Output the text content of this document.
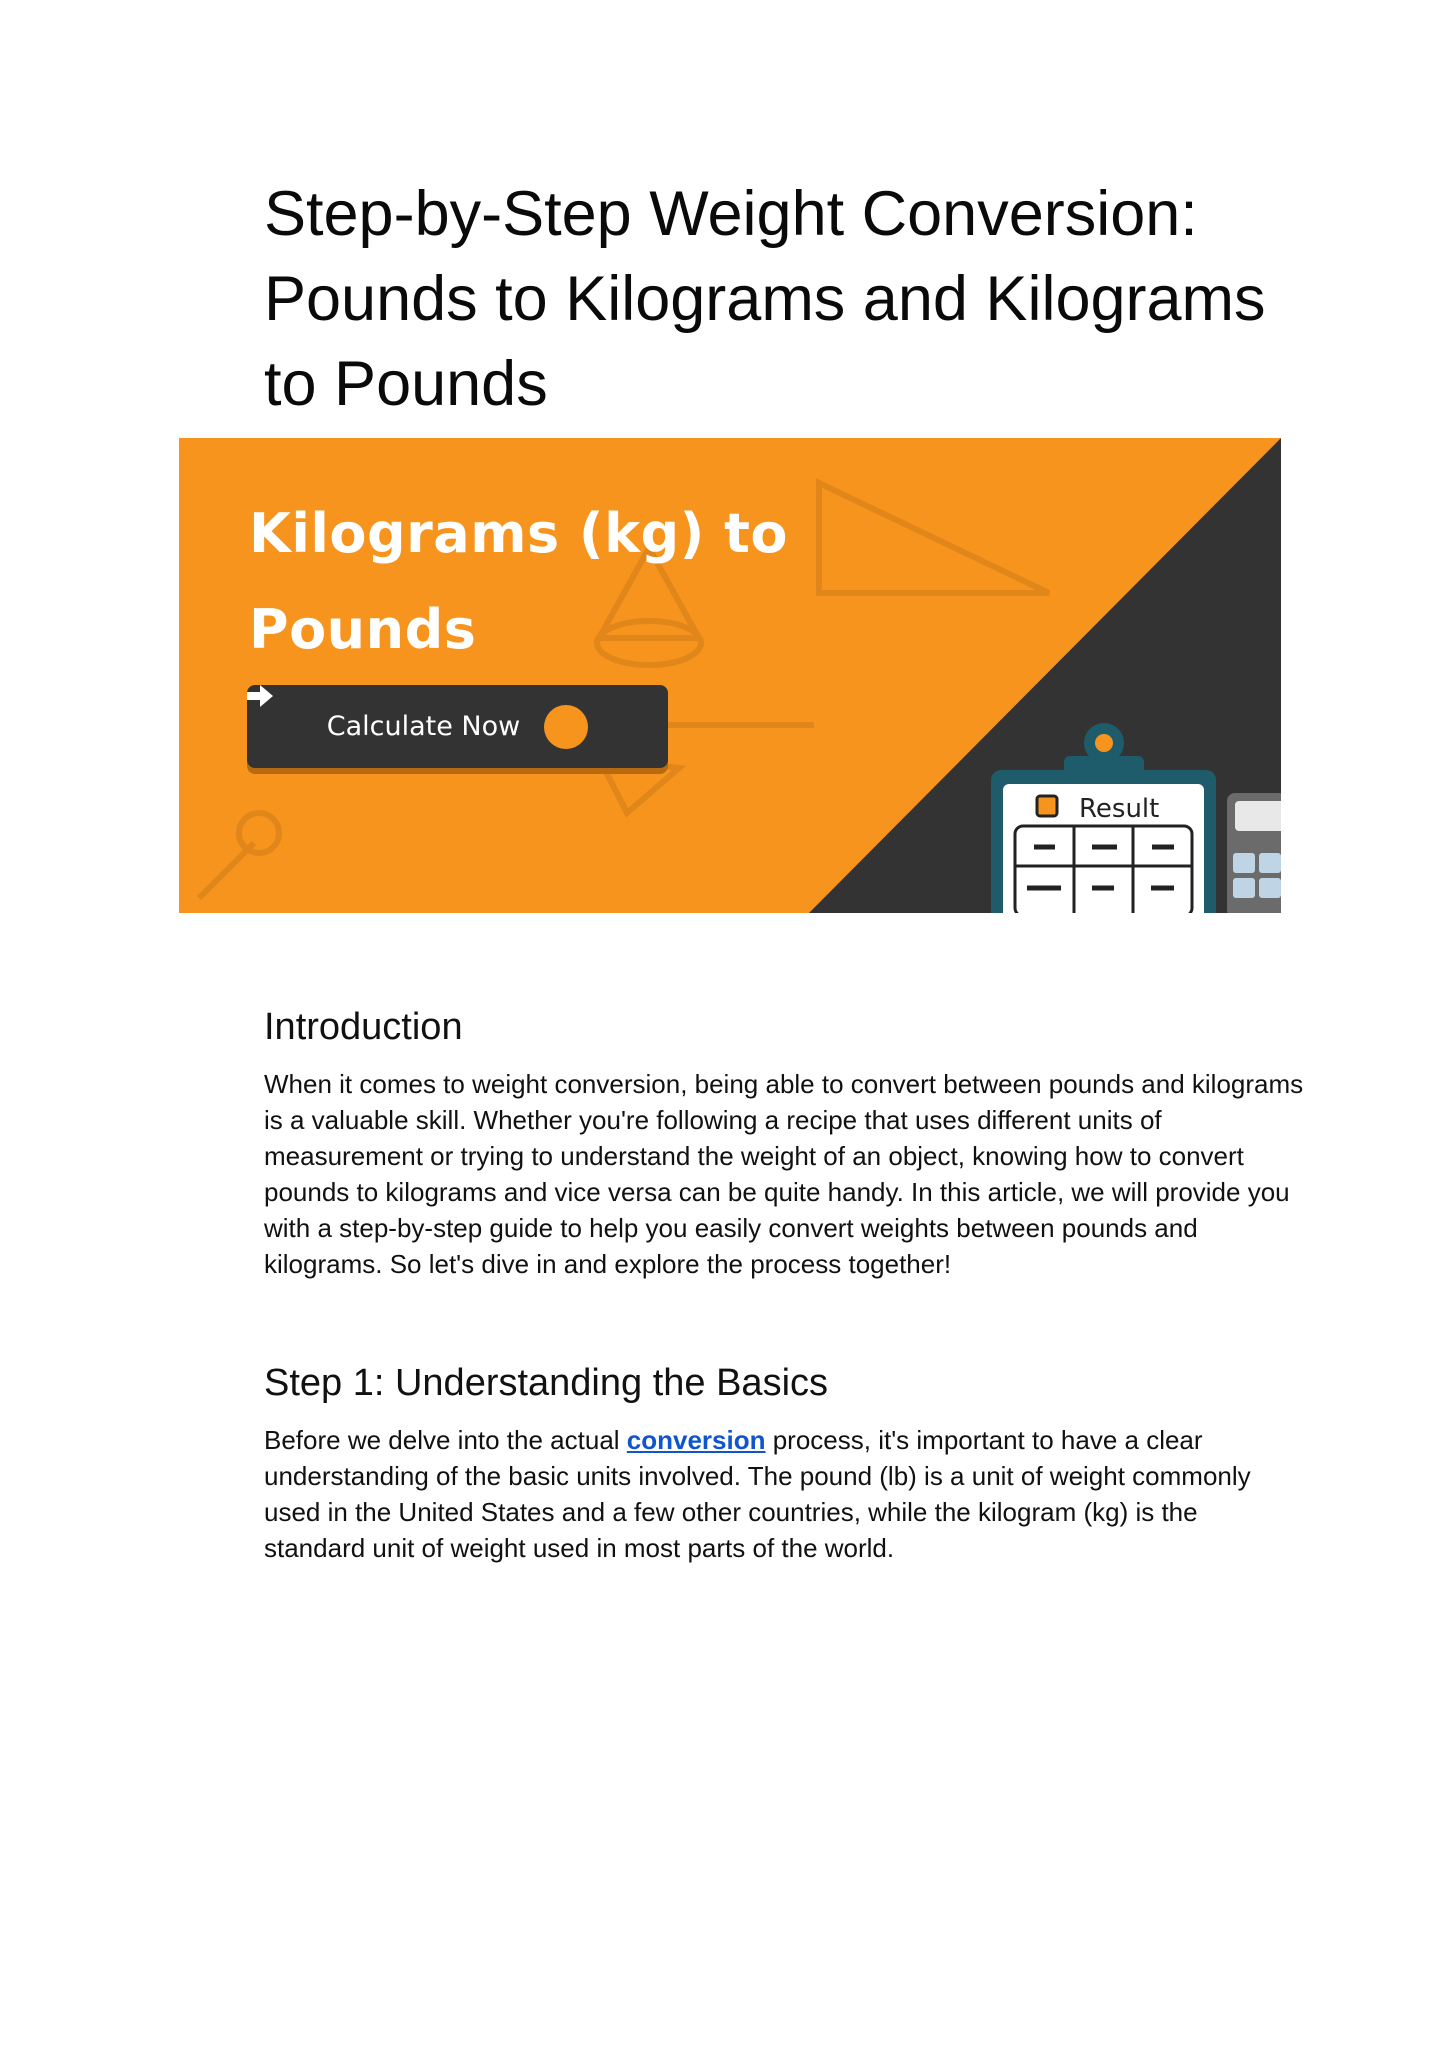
Step-by-Step Weight Conversion: Pounds to Kilograms and Kilograms to Pounds
Kilograms (kg) to
Pounds
Calculate Now
Result
Introduction

When it comes to weight conversion, being able to convert between pounds and kilograms is a valuable skill. Whether you're following a recipe that uses different units of measurement or trying to understand the weight of an object, knowing how to convert pounds to kilograms and vice versa can be quite handy. In this article, we will provide you with a step-by-step guide to help you easily convert weights between pounds and kilograms. So let's dive in and explore the process together!

Step 1: Understanding the Basics

Before we delve into the actual conversion process, it's important to have a clear understanding of the basic units involved. The pound (lb) is a unit of weight commonly used in the United States and a few other countries, while the kilogram (kg) is the standard unit of weight used in most parts of the world.
